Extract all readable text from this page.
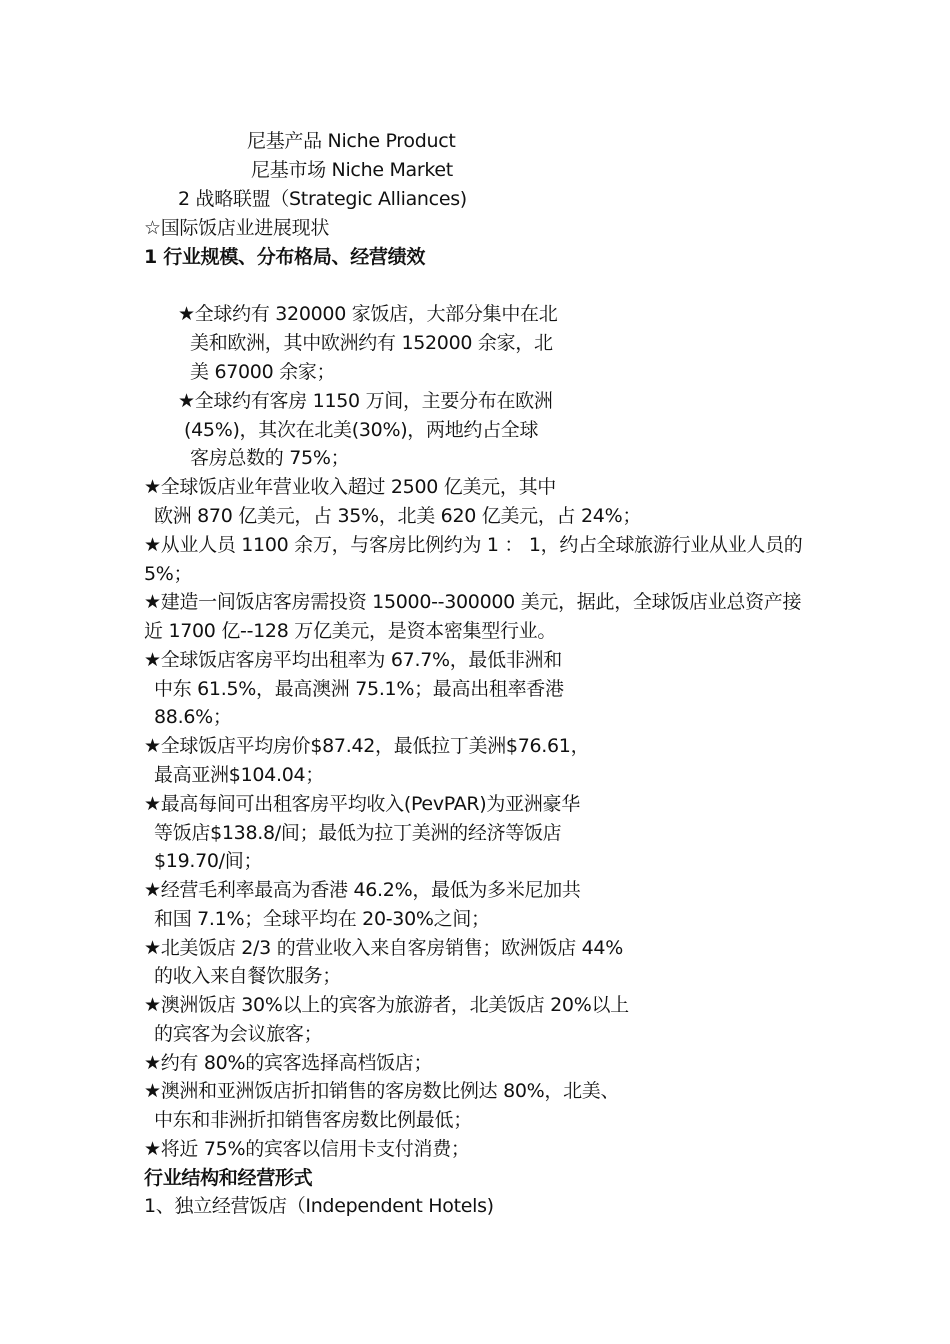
尼基产品 Niche Product
尼基市场 Niche Market
2 战略联盟（Strategic Alliances)
☆国际饭店业进展现状
1 行业规模、分布格局、经营绩效
★全球约有 320000 家饭店，大部分集中在北
美和欧洲，其中欧洲约有 152000 余家，北
美 67000 余家；
★全球约有客房 1150 万间，主要分布在欧洲
(45%)，其次在北美(30%)，两地约占全球
客房总数的 75%；
★全球饭店业年营业收入超过 2500 亿美元，其中
欧洲 870 亿美元，占 35%，北美 620 亿美元，占 24%；
★从业人员 1100 余万，与客房比例约为 1 ： 1，约占全球旅游行业从业人员的
5%；
★建造一间饭店客房需投资 15000--300000 美元，据此，全球饭店业总资产接
近 1700 亿--128 万亿美元，是资本密集型行业。
★全球饭店客房平均出租率为 67.7%，最低非洲和
中东 61.5%，最高澳洲 75.1%；最高出租率香港
88.6%；
★全球饭店平均房价$87.42，最低拉丁美洲$76.61，
最高亚洲$104.04；
★最高每间可出租客房平均收入(PevPAR)为亚洲豪华
等饭店$138.8/间；最低为拉丁美洲的经济等饭店
$19.70/间；
★经营毛利率最高为香港 46.2%，最低为多米尼加共
和国 7.1%；全球平均在 20-30%之间；
★北美饭店 2/3 的营业收入来自客房销售；欧洲饭店 44%
的收入来自餐饮服务；
★澳洲饭店 30%以上的宾客为旅游者，北美饭店 20%以上
的宾客为会议旅客；
★约有 80%的宾客选择高档饭店；
★澳洲和亚洲饭店折扣销售的客房数比例达 80%，北美、
中东和非洲折扣销售客房数比例最低；
★将近 75%的宾客以信用卡支付消费；
行业结构和经营形式
1、独立经营饭店（Independent Hotels)
